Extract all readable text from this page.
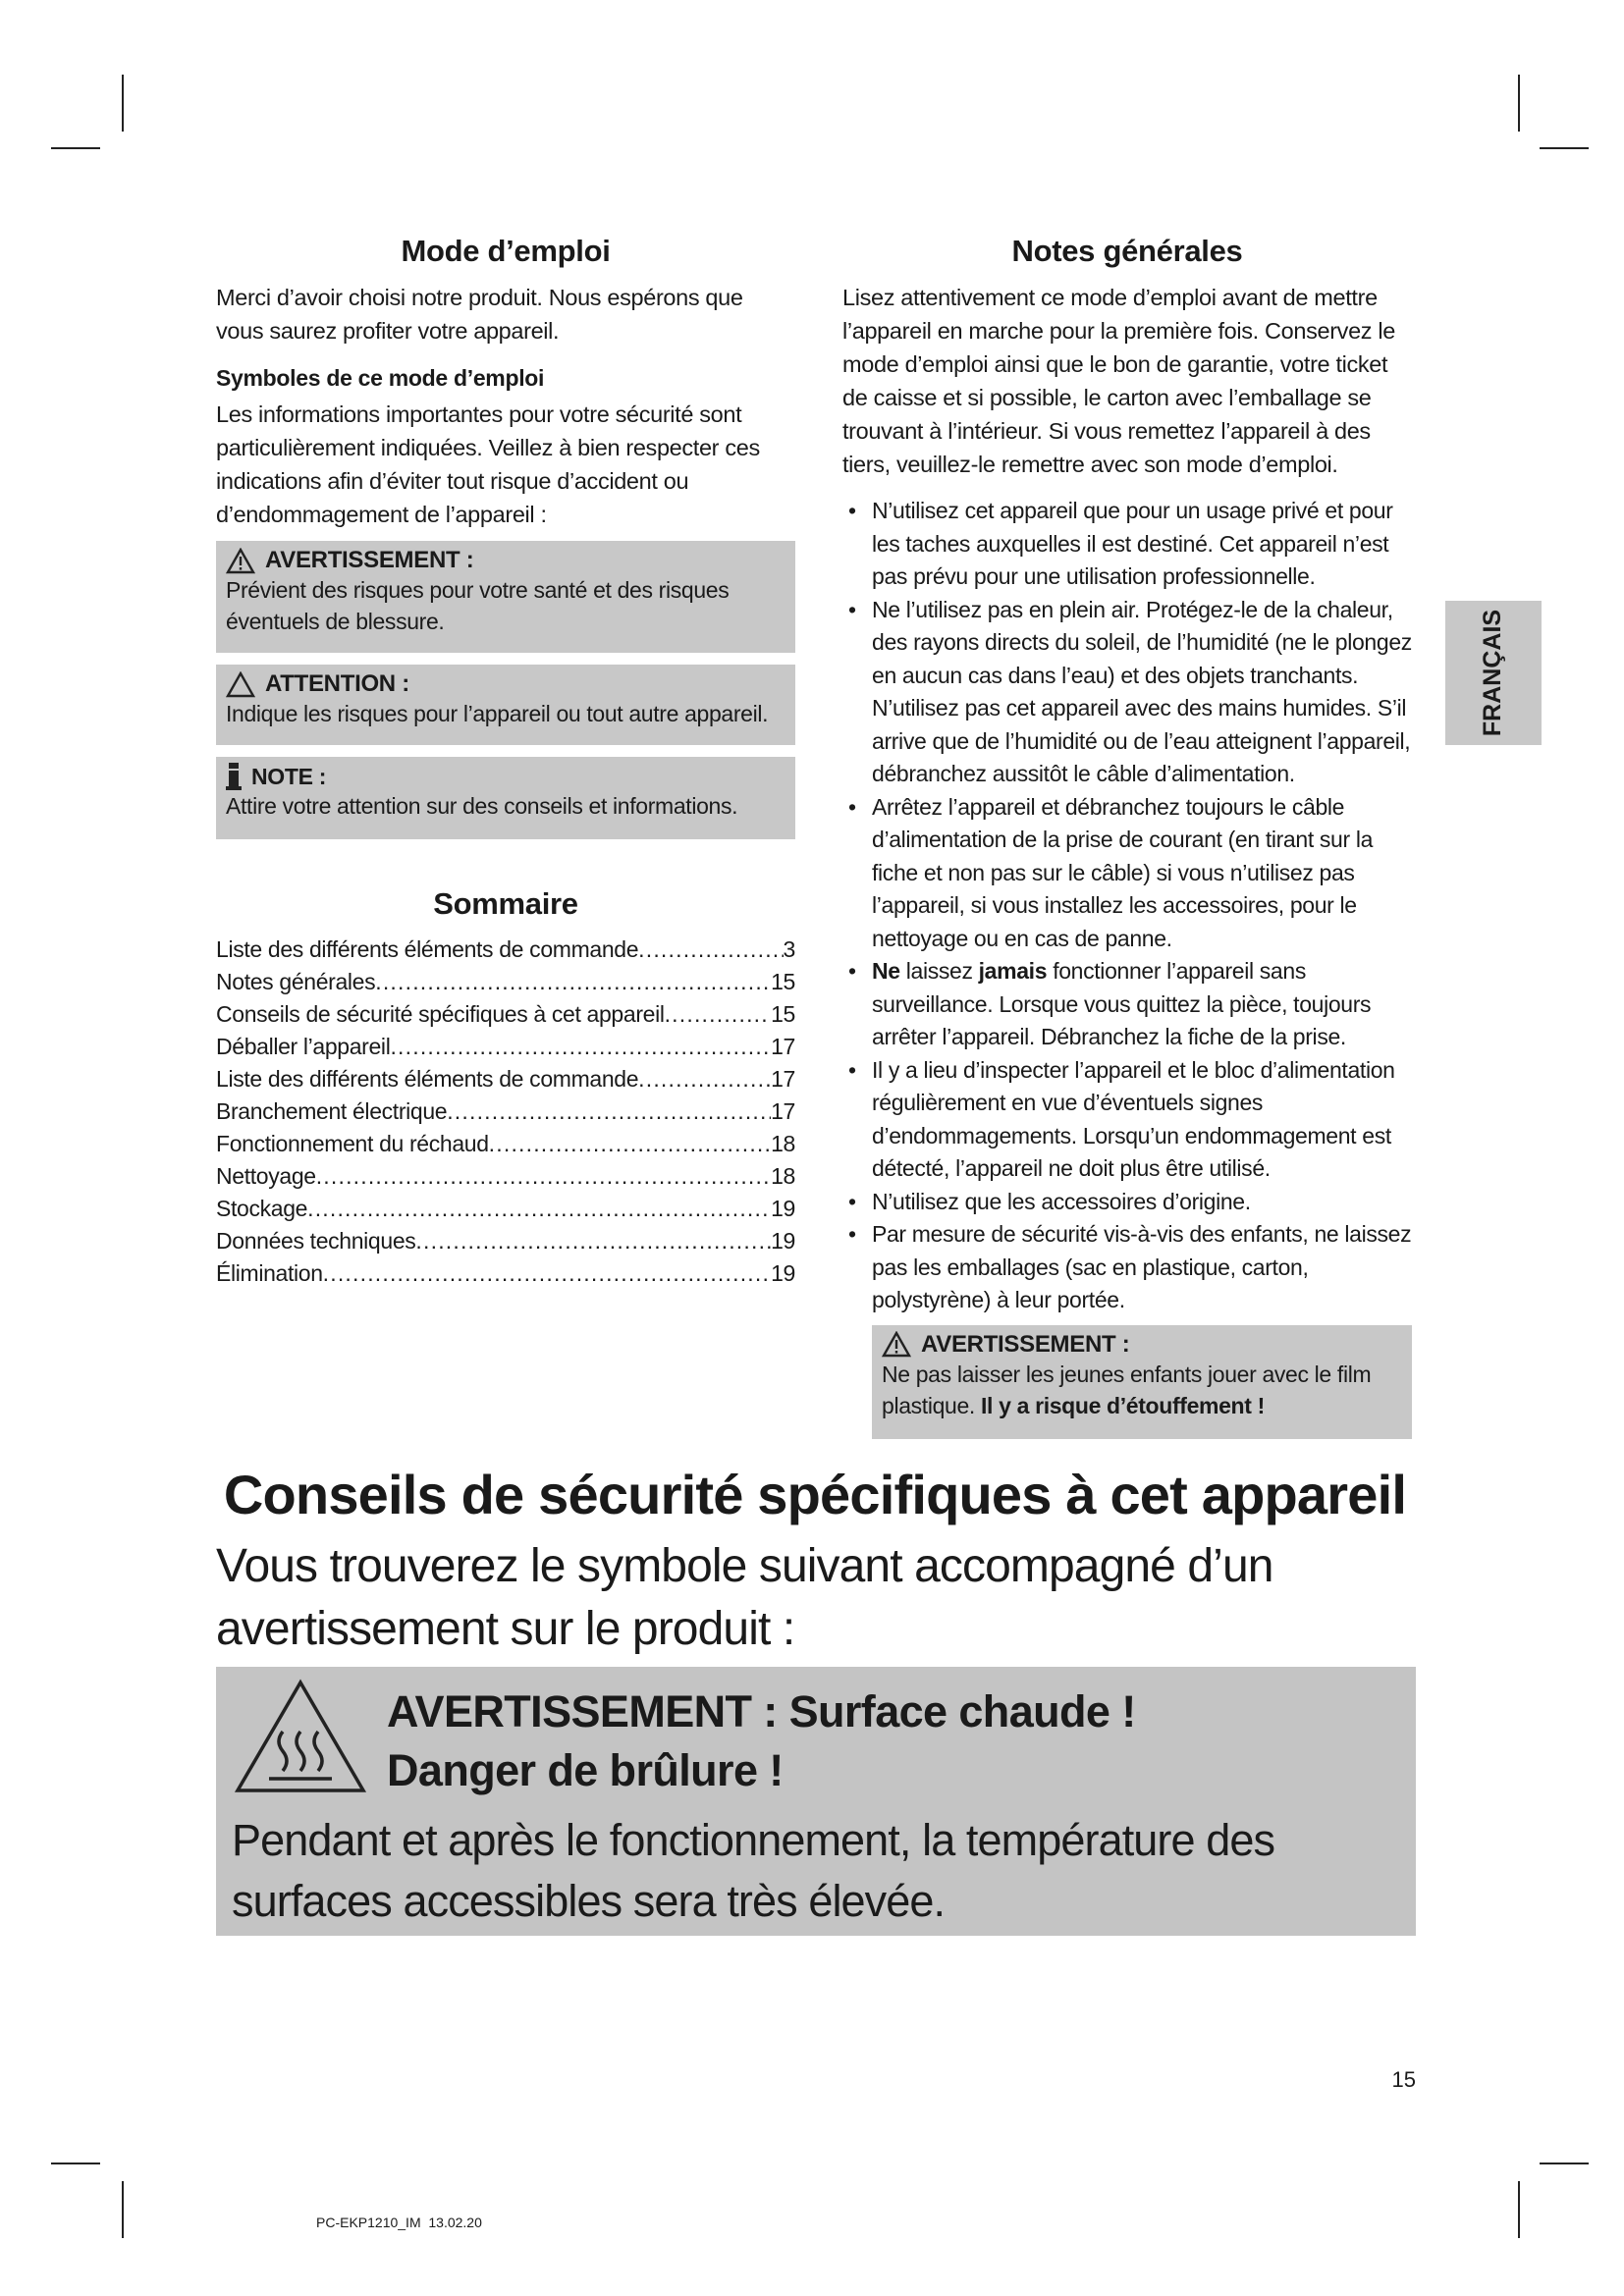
Mode d’emploi

Merci d’avoir choisi notre produit. Nous espérons que vous saurez profiter votre appareil.

Symboles de ce mode d’emploi

Les informations importantes pour votre sécurité sont particulièrement indiquées. Veillez à bien respecter ces indications afin d’éviter tout risque d’accident ou d’endommagement de l’appareil :

AVERTISSEMENT :
Prévient des risques pour votre santé et des risques éventuels de blessure.
ATTENTION :
Indique les risques pour l’appareil ou tout autre appareil.
NOTE :
Attire votre attention sur des conseils et informations.
Sommaire
Liste des différents éléments de commande .....	3
Notes générales .....	15
Conseils de sécurité spécifiques à cet appareil .....	15
Déballer l’appareil .....	17
Liste des différents éléments de commande .....	17
Branchement électrique .....	17
Fonctionnement du réchaud .....	18
Nettoyage .....	18
Stockage .....	19
Données techniques .....	19
Élimination .....	19
Notes générales

Lisez attentivement ce mode d’emploi avant de mettre l’appareil en marche pour la première fois. Conservez le mode d’emploi ainsi que le bon de garantie, votre ticket de caisse et si possible, le carton avec l’emballage se trouvant à l’intérieur. Si vous remettez l’appareil à des tiers, veuillez-le remettre avec son mode d’emploi.

• N’utilisez cet appareil que pour un usage privé et pour les taches auxquelles il est destiné. Cet appareil n’est pas prévu pour une utilisation professionnelle.
• Ne l’utilisez pas en plein air. Protégez-le de la chaleur, des rayons directs du soleil, de l’humidité (ne le plongez en aucun cas dans l’eau) et des objets tranchants. N’utilisez pas cet appareil avec des mains humides. S’il arrive que de l’humidité ou de l’eau atteignent l’appareil, débranchez aussitôt le câble d’alimentation.
• Arrêtez l’appareil et débranchez toujours le câble d’alimentation de la prise de courant (en tirant sur la fiche et non pas sur le câble) si vous n’utilisez pas l’appareil, si vous installez les accessoires, pour le nettoyage ou en cas de panne.
• Ne laissez jamais fonctionner l’appareil sans surveillance. Lorsque vous quittez la pièce, toujours arrêter l’appareil. Débranchez la fiche de la prise.
• Il y a lieu d’inspecter l’appareil et le bloc d’alimentation régulièrement en vue d’éventuels signes d’endommagements. Lorsqu’un endommagement est détecté, l’appareil ne doit plus être utilisé.
• N’utilisez que les accessoires d’origine.
• Par mesure de sécurité vis-à-vis des enfants, ne laissez pas les emballages (sac en plastique, carton, polystyrène) à leur portée.
AVERTISSEMENT :
Ne pas laisser les jeunes enfants jouer avec le film plastique. Il y a risque d’étouffement !
FRANÇAIS
Conseils de sécurité spécifiques à cet appareil

Vous trouverez le symbole suivant accompagné d’un avertissement sur le produit :

AVERTISSEMENT : Surface chaude !
Danger de brûlure !
Pendant et après le fonctionnement, la température des surfaces accessibles sera très élevée.
15
PC-EKP1210_IM  13.02.20
